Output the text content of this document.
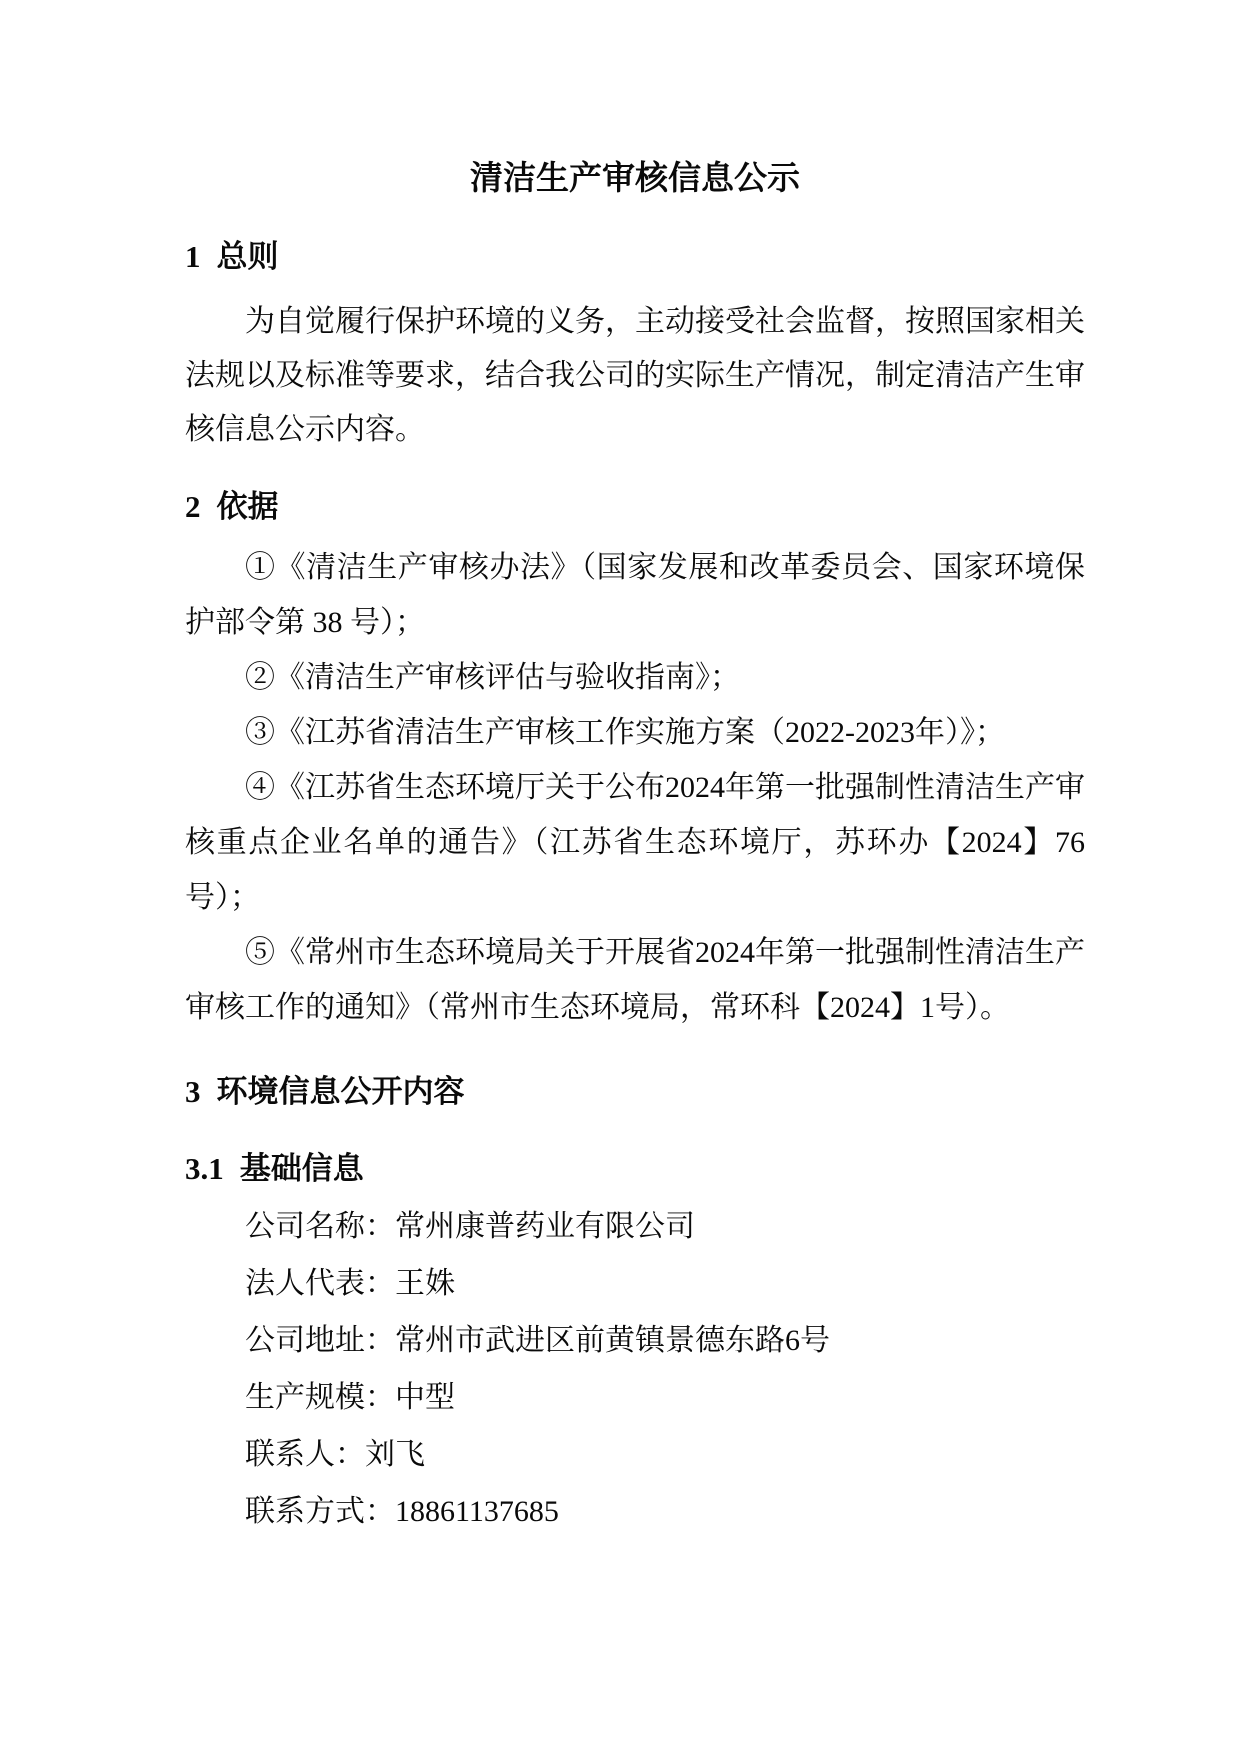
清洁生产审核信息公示
1 总则
为自觉履行保护环境的义务，主动接受社会监督，按照国家相关
法规以及标准等要求，结合我公司的实际生产情况，制定清洁产生审
核信息公示内容。
2 依据
①《清洁生产审核办法》（国家发展和改革委员会、国家环境保
护部令第 38 号）；
②《清洁生产审核评估与验收指南》；
③《江苏省清洁生产审核工作实施方案（2022-2023年）》；
④《江苏省生态环境厅关于公布2024年第一批强制性清洁生产审
核重点企业名单的通告》（江苏省生态环境厅，苏环办【2024】76
号）；
⑤《常州市生态环境局关于开展省2024年第一批强制性清洁生产
审核工作的通知》（常州市生态环境局，常环科【2024】1号）。
3 环境信息公开内容
3.1 基础信息
公司名称：常州康普药业有限公司
法人代表：王姝
公司地址：常州市武进区前黄镇景德东路6号
生产规模：中型
联系人：刘飞
联系方式：18861137685
